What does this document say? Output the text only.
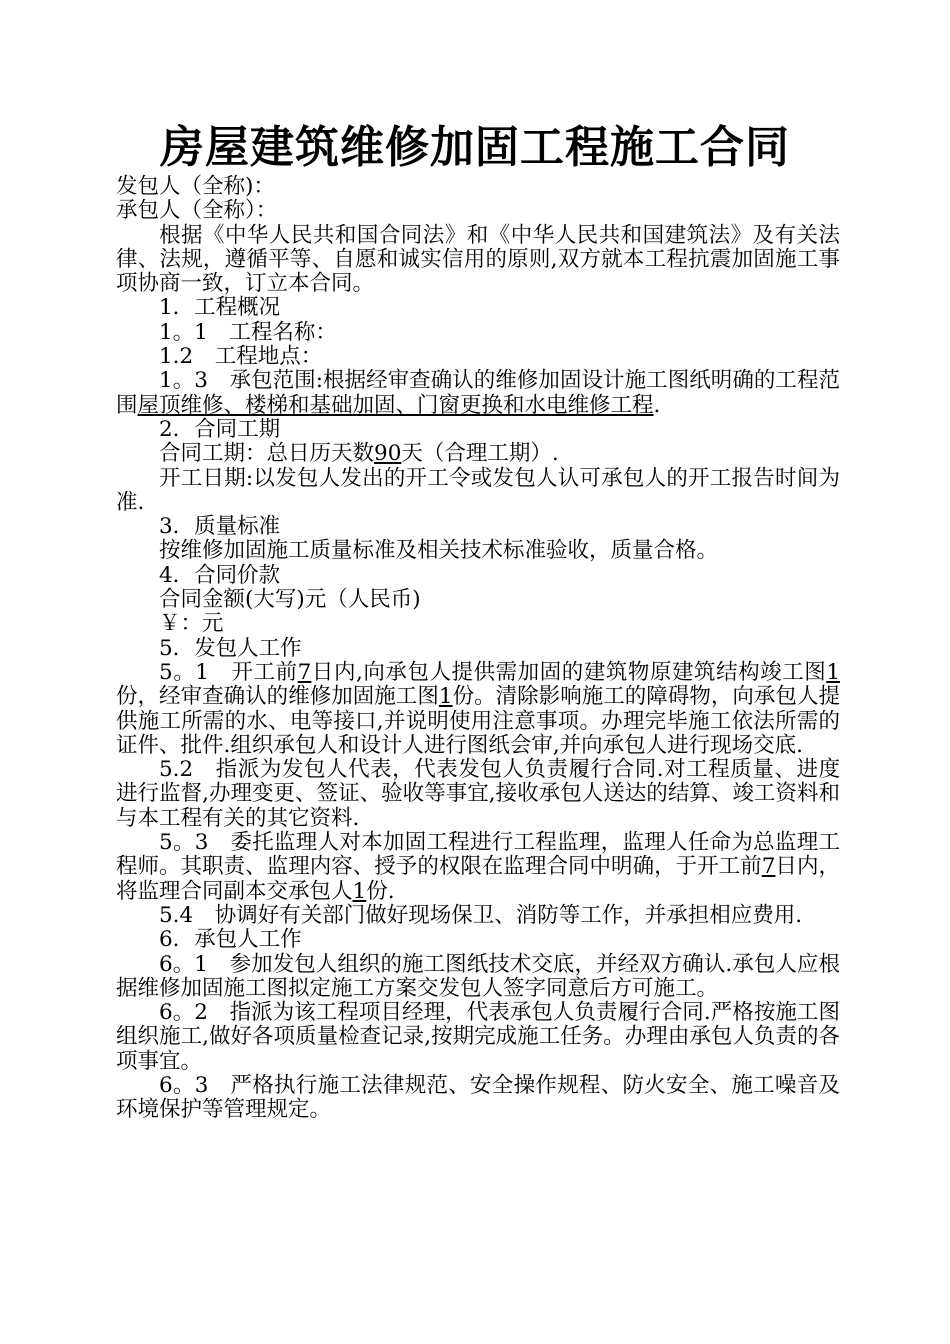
房屋建筑维修加固工程施工合同

发包人（全称)：

承包人（全称）：

根据《中华人民共和国合同法》和《中华人民共和国建筑法》及有关法律、法规，遵循平等、自愿和诚实信用的原则,双方就本工程抗震加固施工事项协商一致，订立本合同。

1．工程概况

1。1　工程名称：

1.2　工程地点：

1。3　承包范围:根据经审查确认的维修加固设计施工图纸明确的工程范围屋顶维修、楼梯和基础加固、门窗更换和水电维修工程.

2．合同工期

合同工期：总日历天数90天（合理工期）.

开工日期:以发包人发出的开工令或发包人认可承包人的开工报告时间为准.

3．质量标准

按维修加固施工质量标准及相关技术标准验收，质量合格。

4．合同价款

合同金额(大写)元（人民币)

￥：元

5．发包人工作

5。1　开工前7日内,向承包人提供需加固的建筑物原建筑结构竣工图1份，经审查确认的维修加固施工图1份。清除影响施工的障碍物，向承包人提供施工所需的水、电等接口,并说明使用注意事项。办理完毕施工依法所需的证件、批件.组织承包人和设计人进行图纸会审,并向承包人进行现场交底.

5.2　指派为发包人代表，代表发包人负责履行合同.对工程质量、进度进行监督,办理变更、签证、验收等事宜,接收承包人送达的结算、竣工资料和与本工程有关的其它资料.

5。3　委托监理人对本加固工程进行工程监理，监理人任命为总监理工程师。其职责、监理内容、授予的权限在监理合同中明确，于开工前7日内，将监理合同副本交承包人1份.

5.4　协调好有关部门做好现场保卫、消防等工作，并承担相应费用.

6．承包人工作

6。1　参加发包人组织的施工图纸技术交底，并经双方确认.承包人应根据维修加固施工图拟定施工方案交发包人签字同意后方可施工。

6。2　指派为该工程项目经理，代表承包人负责履行合同.严格按施工图组织施工,做好各项质量检查记录,按期完成施工任务。办理由承包人负责的各项事宜。

6。3　严格执行施工法律规范、安全操作规程、防火安全、施工噪音及环境保护等管理规定。
